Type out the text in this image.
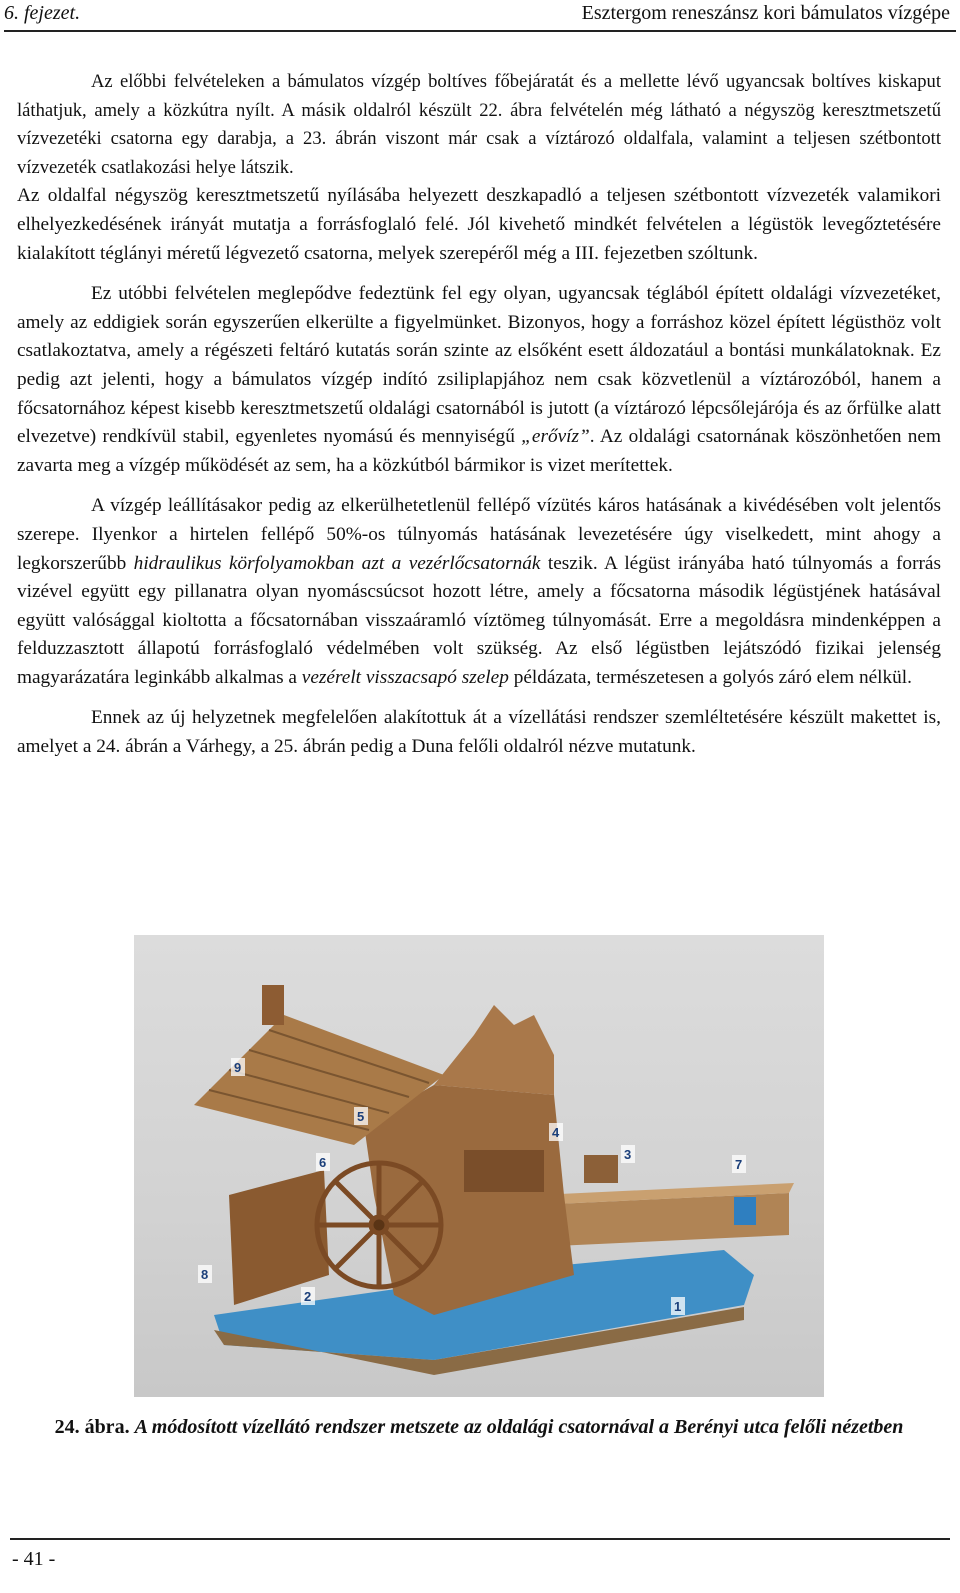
6. fejezet.	Esztergom reneszánsz kori bámulatos vízgépe

Az előbbi felvételeken a bámulatos vízgép boltíves főbejáratát és a mellette lévő ugyancsak boltíves kiskaput láthatjuk, amely a közkútra nyílt. A másik oldalról készült 22. ábra felvételén még látható a négyszög keresztmetszetű vízvezetéki csatorna egy darabja, a 23. ábrán viszont már csak a víztározó oldalfala, valamint a teljesen szétbontott vízvezeték csatlakozási helye látszik.

Az oldalfal négyszög keresztmetszetű nyílásába helyezett deszkapadló a teljesen szétbontott vízvezeték valamikori elhelyezkedésének irányát mutatja a forrásfoglaló felé. Jól kivehető mindkét felvételen a légüstök levegőztetésére kialakított téglányi méretű légvezető csatorna, melyek szerepéről még a III. fejezetben szóltunk.

Ez utóbbi felvételen meglepődve fedeztünk fel egy olyan, ugyancsak téglából épített oldalági vízvezetéket, amely az eddigiek során egyszerűen elkerülte a figyelmünket. Bizonyos, hogy a forráshoz közel épített légüsthöz volt csatlakoztatva, amely a régészeti feltáró kutatás során szinte az elsőként esett áldozatául a bontási munkálatoknak. Ez pedig azt jelenti, hogy a bámulatos vízgép indító zsiliplapjához nem csak közvetlenül a víztározóból, hanem a főcsatornához képest kisebb keresztmetszetű oldalági csatornából is jutott (a víztározó lépcsőlejárója és az őrfülke alatt elvezetve) rendkívül stabil, egyenletes nyomású és mennyiségű „erővíz”. Az oldalági csatornának köszönhetően nem zavarta meg a vízgép működését az sem, ha a közkútból bármikor is vizet merítettek.

A vízgép leállításakor pedig az elkerülhetetlenül fellépő vízütés káros hatásának a kivédésében volt jelentős szerepe. Ilyenkor a hirtelen fellépő 50%-os túlnyomás hatásának levezetésére úgy viselkedett, mint ahogy a legkorszerűbb hidraulikus körfolyamokban azt a vezérlőcsatornák teszik. A légüst irányába ható túlnyomás a forrás vizével együtt egy pillanatra olyan nyomáscsúcsot hozott létre, amely a főcsatorna második légüstjének hatásával együtt valósággal kioltotta a főcsatornában visszaáramló víztömeg túlnyomását. Erre a megoldásra mindenképpen a felduzzasztott állapotú forrásfoglaló védelmében volt szükség. Az első légüstben lejátszódó fizikai jelenség magyarázatára leginkább alkalmas a vezérelt visszacsapó szelep példázata, természetesen a golyós záró elem nélkül.

Ennek az új helyzetnek megfelelően alakítottuk át a vízellátási rendszer szemléltetésére készült makettet is, amelyet a 24. ábrán a Várhegy, a 25. ábrán pedig a Duna felőli oldalról nézve mutatunk.

1
2
3
4
5
6	7
8
9
24. ábra. A módosított vízellátó rendszer metszete az oldalági csatornával a Berényi utca felőli nézetben
- 41 -
